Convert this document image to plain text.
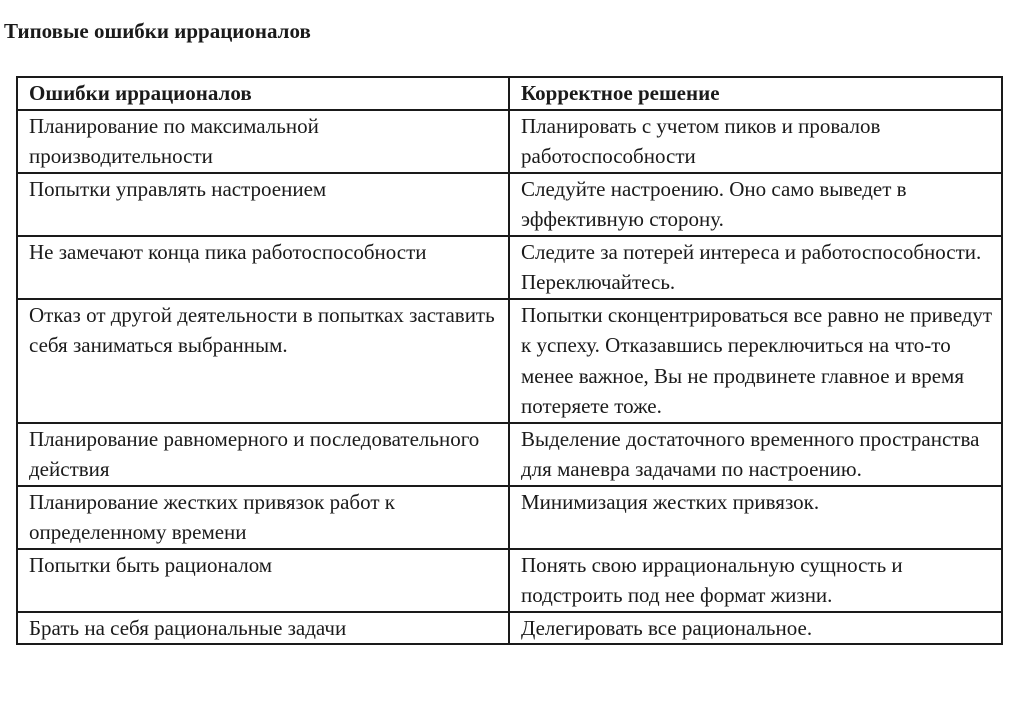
Типовые ошибки иррационалов
Ошибки иррационалов	Корректное решение
Планирование по максимальной производительности	Планировать с учетом пиков и провалов работоспособности
Попытки управлять настроением	Следуйте настроению. Оно само выведет в эффективную сторону.
Не замечают конца пика работоспособности	Следите за потерей интереса и работоспособности. Переключайтесь.
Отказ от другой деятельности в попытках заставить себя заниматься выбранным.	Попытки сконцентрироваться все равно не приведут к успеху. Отказавшись переключиться на что-то менее важное, Вы не продвинете главное и время потеряете тоже.
Планирование равномерного и последовательного действия	Выделение достаточного временного пространства для маневра задачами по настроению.
Планирование жестких привязок работ к определенному времени	Минимизация жестких привязок.
Попытки быть рационалом	Понять свою иррациональную сущность и подстроить под нее формат жизни.
Брать на себя рациональные задачи	Делегировать все рациональное.
